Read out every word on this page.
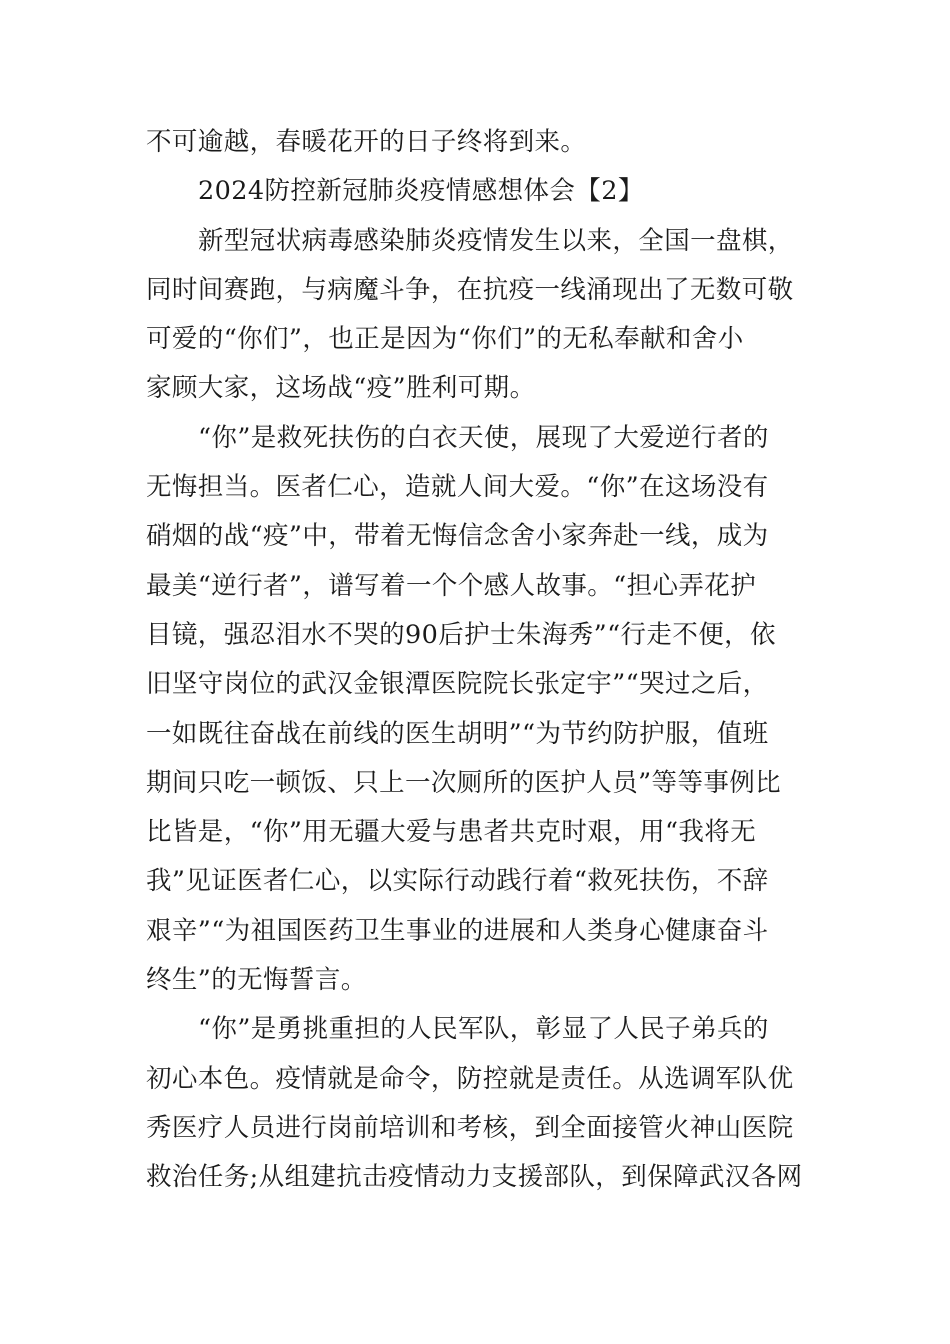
不可逾越，春暖花开的日子终将到来。
2024防控新冠肺炎疫情感想体会【2】
新型冠状病毒感染肺炎疫情发生以来，全国一盘棋，
同时间赛跑，与病魔斗争，在抗疫一线涌现出了无数可敬
可爱的“你们”，也正是因为“你们”的无私奉献和舍小
家顾大家，这场战“疫”胜利可期。
“你”是救死扶伤的白衣天使，展现了大爱逆行者的
无悔担当。医者仁心，造就人间大爱。“你”在这场没有
硝烟的战“疫”中，带着无悔信念舍小家奔赴一线，成为
最美“逆行者”，谱写着一个个感人故事。“担心弄花护
目镜，强忍泪水不哭的90后护士朱海秀”“行走不便，依
旧坚守岗位的武汉金银潭医院院长张定宇”“哭过之后，
一如既往奋战在前线的医生胡明”“为节约防护服，值班
期间只吃一顿饭、只上一次厕所的医护人员”等等事例比
比皆是，“你”用无疆大爱与患者共克时艰，用“我将无
我”见证医者仁心，以实际行动践行着“救死扶伤，不辞
艰辛”“为祖国医药卫生事业的进展和人类身心健康奋斗
终生”的无悔誓言。
“你”是勇挑重担的人民军队，彰显了人民子弟兵的
初心本色。疫情就是命令，防控就是责任。从选调军队优
秀医疗人员进行岗前培训和考核，到全面接管火神山医院
救治任务;从组建抗击疫情动力支援部队，到保障武汉各网
